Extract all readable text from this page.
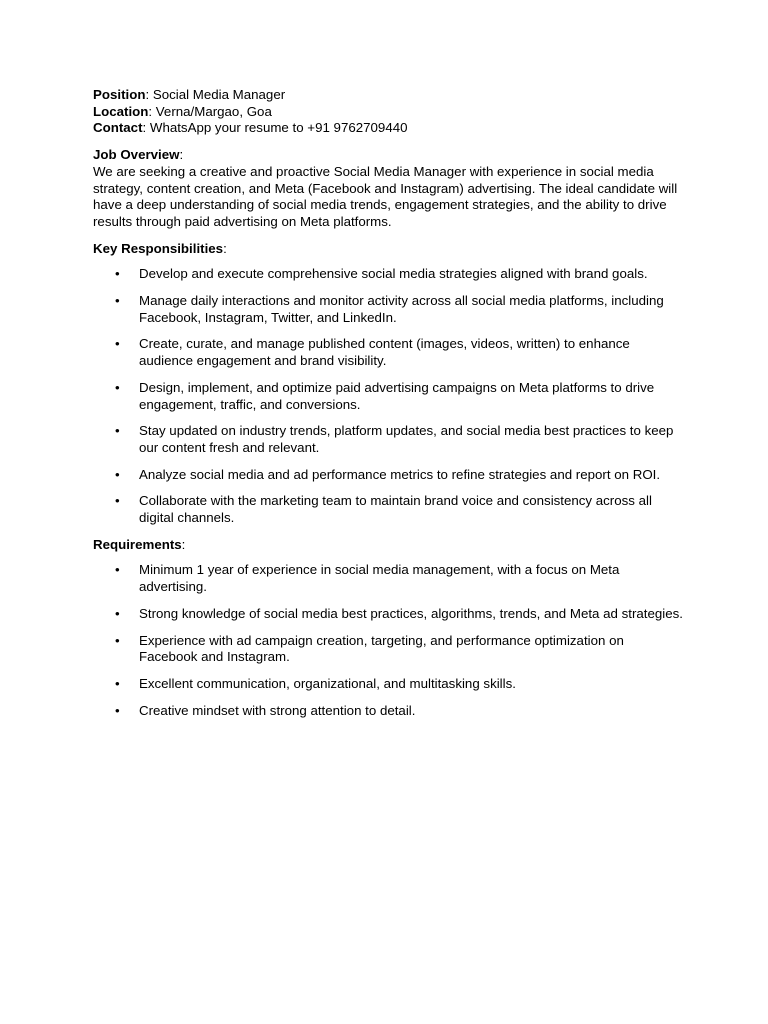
Position: Social Media Manager

Location: Verna/Margao, Goa

Contact: WhatsApp your resume to +91 9762709440

Job Overview:

We are seeking a creative and proactive Social Media Manager with experience in social media strategy, content creation, and Meta (Facebook and Instagram) advertising. The ideal candidate will have a deep understanding of social media trends, engagement strategies, and the ability to drive results through paid advertising on Meta platforms.

Key Responsibilities:

• Develop and execute comprehensive social media strategies aligned with brand goals.
• Manage daily interactions and monitor activity across all social media platforms, including Facebook, Instagram, Twitter, and LinkedIn.
• Create, curate, and manage published content (images, videos, written) to enhance audience engagement and brand visibility.
• Design, implement, and optimize paid advertising campaigns on Meta platforms to drive engagement, traffic, and conversions.
• Stay updated on industry trends, platform updates, and social media best practices to keep our content fresh and relevant.
• Analyze social media and ad performance metrics to refine strategies and report on ROI.
• Collaborate with the marketing team to maintain brand voice and consistency across all digital channels.

Requirements:

• Minimum 1 year of experience in social media management, with a focus on Meta advertising.
• Strong knowledge of social media best practices, algorithms, trends, and Meta ad strategies.
• Experience with ad campaign creation, targeting, and performance optimization on Facebook and Instagram.
• Excellent communication, organizational, and multitasking skills.
• Creative mindset with strong attention to detail.
